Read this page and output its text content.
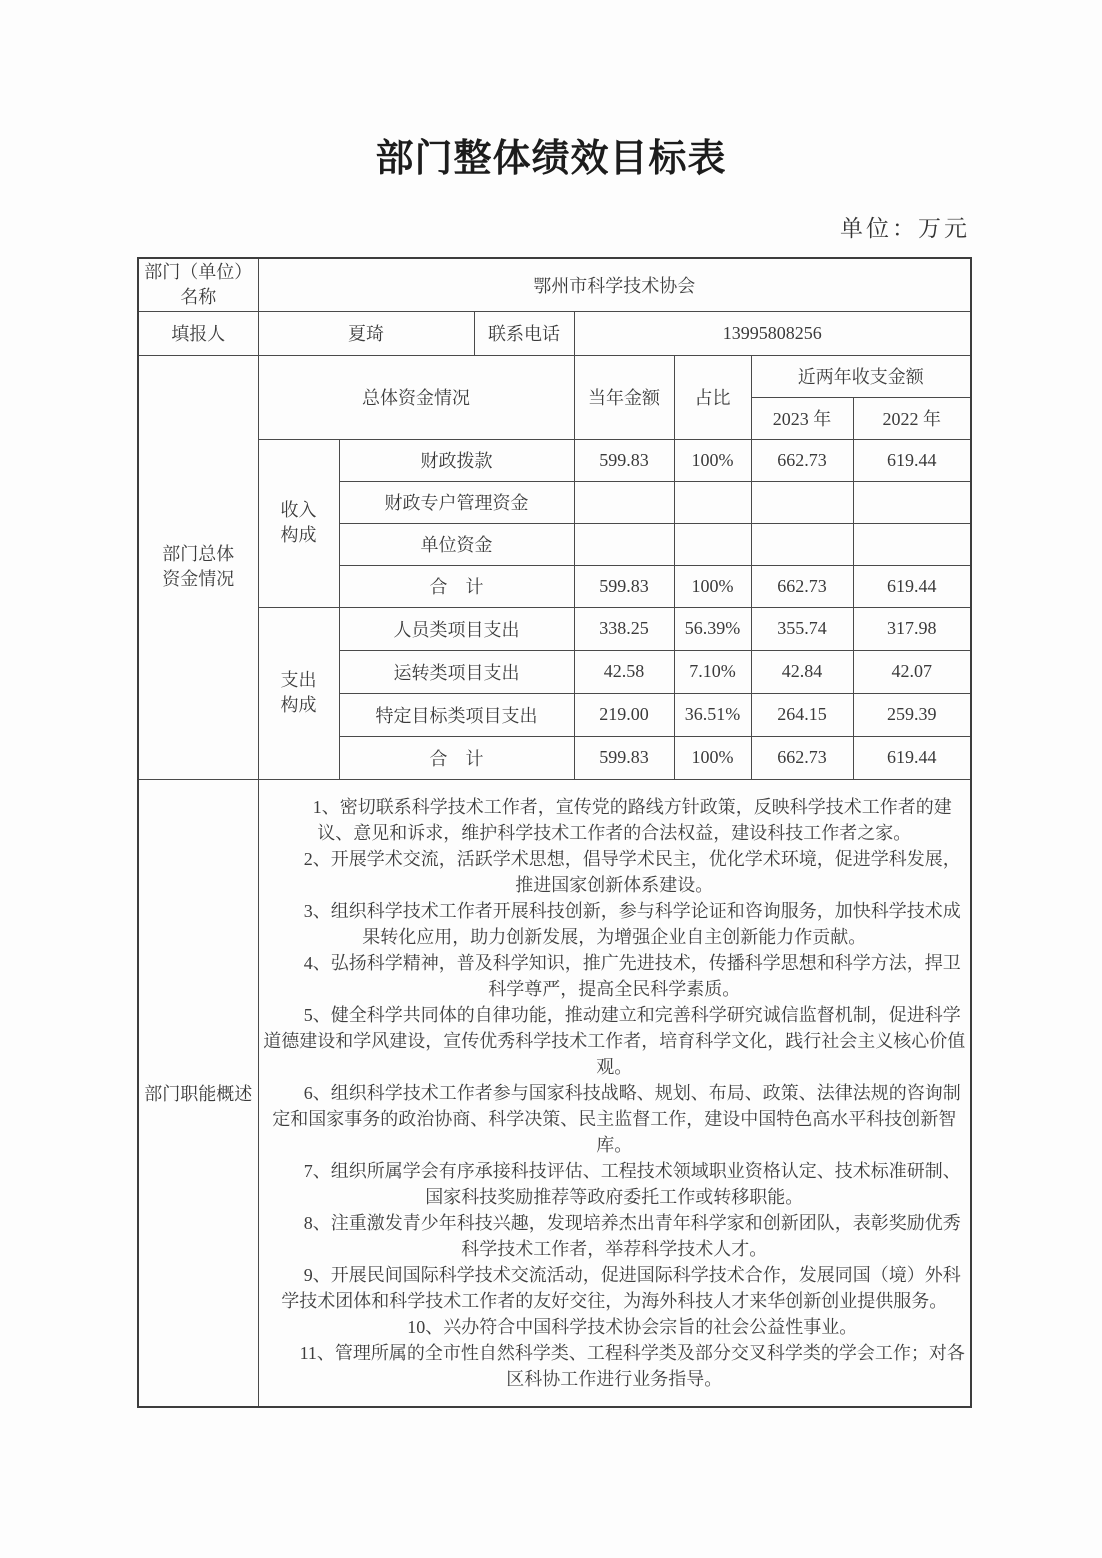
部门整体绩效目标表
单位：万元
部门（单位）
名称	鄂州市科学技术协会						
填报人	夏琦		联系电话	13995808256			
部门总体
资金情况	总体资金情况			当年金额	占比	近两年收支金额	
						2023 年	2022 年
	收入
构成	财政拨款		599.83	100%	662.73	619.44
		财政专户管理资金					
		单位资金					
		合　计		599.83	100%	662.73	619.44
	支出
构成	人员类项目支出		338.25	56.39%	355.74	317.98
		运转类项目支出		42.58	7.10%	42.84	42.07
		特定目标类项目支出		219.00	36.51%	264.15	259.39
		合　计		599.83	100%	662.73	619.44
部门职能概述	

1、密切联系科学技术工作者，宣传党的路线方针政策，反映科学技术工作者的建议、意见和诉求，维护科学技术工作者的合法权益，建设科技工作者之家。

2、开展学术交流，活跃学术思想，倡导学术民主，优化学术环境，促进学科发展，推进国家创新体系建设。

3、组织科学技术工作者开展科技创新，参与科学论证和咨询服务，加快科学技术成果转化应用，助力创新发展，为增强企业自主创新能力作贡献。

4、弘扬科学精神，普及科学知识，推广先进技术，传播科学思想和科学方法，捍卫科学尊严，提高全民科学素质。

5、健全科学共同体的自律功能，推动建立和完善科学研究诚信监督机制，促进科学道德建设和学风建设，宣传优秀科学技术工作者，培育科学文化，践行社会主义核心价值观。

6、组织科学技术工作者参与国家科技战略、规划、布局、政策、法律法规的咨询制定和国家事务的政治协商、科学决策、民主监督工作，建设中国特色高水平科技创新智库。

7、组织所属学会有序承接科技评估、工程技术领域职业资格认定、技术标准研制、国家科技奖励推荐等政府委托工作或转移职能。

8、注重激发青少年科技兴趣，发现培养杰出青年科学家和创新团队，表彰奖励优秀科学技术工作者，举荐科学技术人才。

9、开展民间国际科学技术交流活动，促进国际科学技术合作，发展同国（境）外科学技术团体和科学技术工作者的友好交往，为海外科技人才来华创新创业提供服务。

10、兴办符合中国科学技术协会宗旨的社会公益性事业。

11、管理所属的全市性自然科学类、工程科学类及部分交叉科学类的学会工作；对各区科协工作进行业务指导。
